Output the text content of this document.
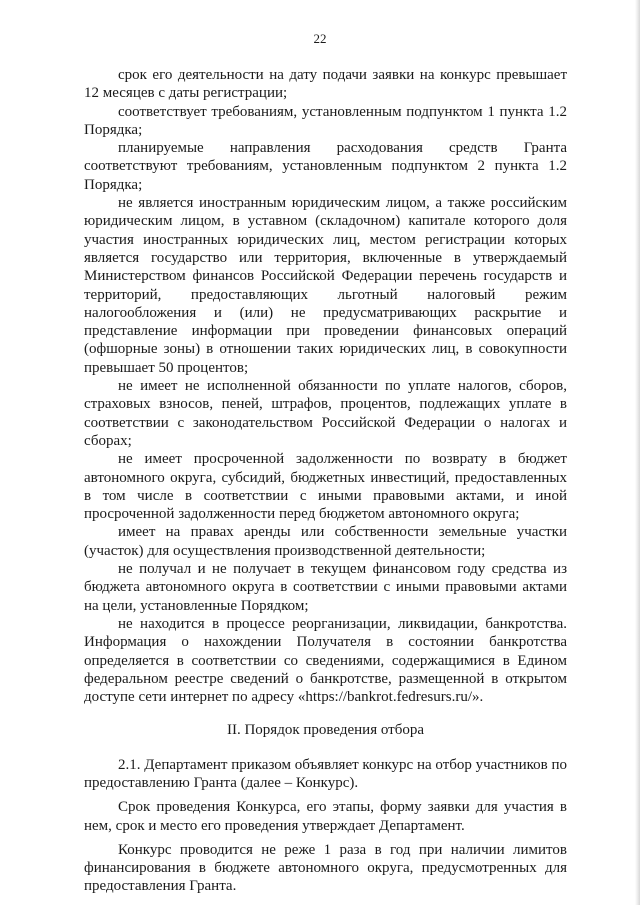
22

срок его деятельности на дату подачи заявки на конкурс превышает 12 месяцев с даты регистрации;

соответствует требованиям, установленным подпунктом 1 пункта 1.2 Порядка;

планируемые направления расходования средств Гранта соответствуют требованиям, установленным подпунктом 2 пункта 1.2 Порядка;

не является иностранным юридическим лицом, а также российским юридическим лицом, в уставном (складочном) капитале которого доля участия иностранных юридических лиц, местом регистрации которых является государство или территория, включенные в утверждаемый Министерством финансов Российской Федерации перечень государств и территорий, предоставляющих льготный налоговый режим налогообложения и (или) не предусматривающих раскрытие и представление информации при проведении финансовых операций (офшорные зоны) в отношении таких юридических лиц, в совокупности превышает 50 процентов;

не имеет не исполненной обязанности по уплате налогов, сборов, страховых взносов, пеней, штрафов, процентов, подлежащих уплате в соответствии с законодательством Российской Федерации о налогах и сборах;

не имеет просроченной задолженности по возврату в бюджет автономного округа, субсидий, бюджетных инвестиций, предоставленных в том числе в соответствии с иными правовыми актами, и иной просроченной задолженности перед бюджетом автономного округа;

имеет на правах аренды или собственности земельные участки (участок) для осуществления производственной деятельности;

не получал и не получает в текущем финансовом году средства из бюджета автономного округа в соответствии с иными правовыми актами на цели, установленные Порядком;

не находится в процессе реорганизации, ликвидации, банкротства. Информация о нахождении Получателя в состоянии банкротства определяется в соответствии со сведениями, содержащимися в Едином федеральном реестре сведений о банкротстве, размещенной в открытом доступе сети интернет по адресу «https://bankrot.fedresurs.ru/».

II. Порядок проведения отбора

2.1. Департамент приказом объявляет конкурс на отбор участников по предоставлению Гранта (далее – Конкурс).

Срок проведения Конкурса, его этапы, форму заявки для участия в нем, срок и место его проведения утверждает Департамент.

Конкурс проводится не реже 1 раза в год при наличии лимитов финансирования в бюджете автономного округа, предусмотренных для предоставления Гранта.
